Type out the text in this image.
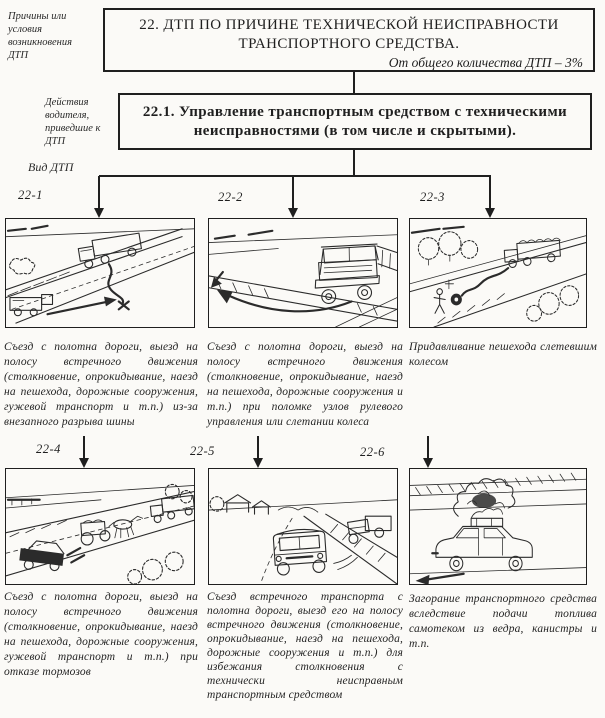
Причины или условия возникновения ДТП
Действия водителя, приведшие к ДТП
Вид ДТП
22. ДТП ПО ПРИЧИНЕ ТЕХНИЧЕСКОЙ НЕИСПРАВНОСТИ ТРАНСПОРТНОГО СРЕДСТВА.
От общего количества ДТП – 3%
22.1. Управление транспортным средством с техническими неисправностями (в том числе и скрытыми).
22-1	22-2	22-3
22-4	22-5	22-6
Съезд с полотна дороги, выезд на полосу встречного движения (столкновение, опрокидывание, наезд на пешехода, дорожные сооружения, гужевой транспорт и т.п.) из-за внезапного разрыва шины
Съезд с полотна дороги, выезд на полосу встречного движения (столкновение, опрокидывание, наезд на пешехода, дорожные сооружения и т.п.) при поломке узлов рулевого управления или слетании колеса
Придавливание пешехода слетевшим колесом
Съезд с полотна дороги, выезд на полосу встречного движения (столкновение, опрокидывание, наезд на пешехода, дорожные сооружения, гужевой транспорт и т.п.) при отказе тормозов
Съезд встречного транспорта с полотна дороги, выезд его на полосу встречного движения (столкновение, опрокидывание, наезд на пешехода, дорожные сооружения и т.п.) для избежания столкновения с технически неисправным транспортным средством
Загорание транспортного средства вследствие подачи топлива самотеком из ведра, канистры и т.п.
